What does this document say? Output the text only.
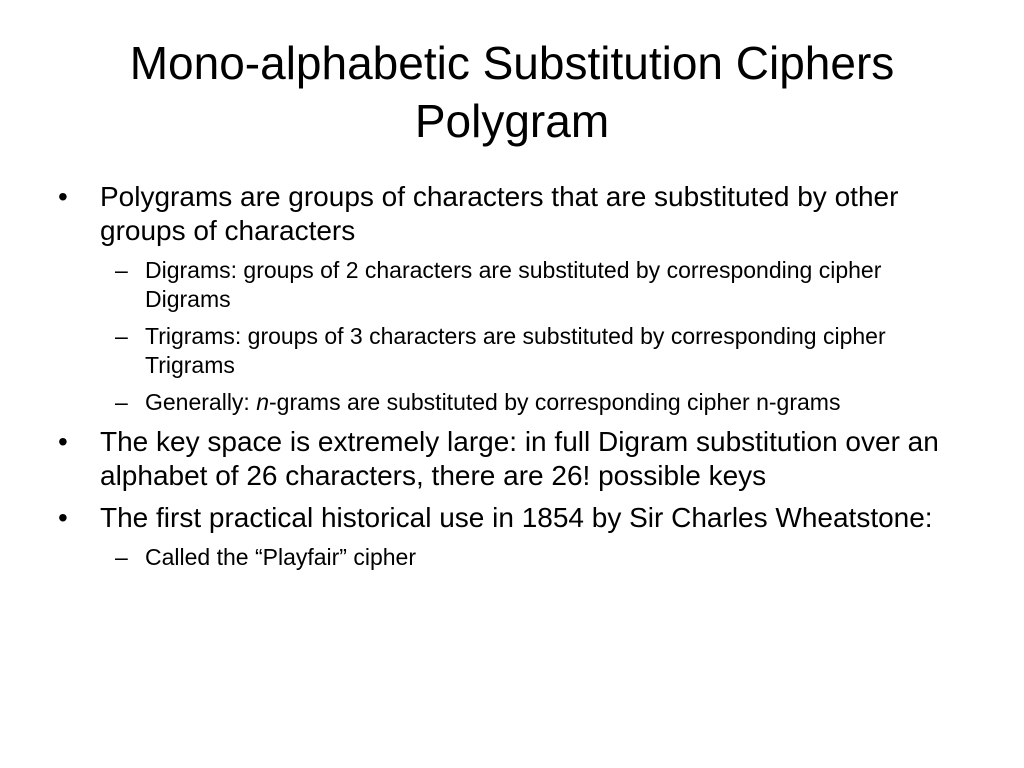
Mono-alphabetic Substitution Ciphers
Polygram
•	Polygrams are groups of characters that are substituted by other groups of characters
– Digrams: groups of 2 characters are substituted by corresponding cipher Digrams
– Trigrams: groups of 3 characters are substituted by corresponding cipher Trigrams
– Generally: n-grams are substituted by corresponding cipher n-grams
•	The key space is extremely large: in full Digram substitution over an alphabet of 26 characters, there are 26! possible keys
•	The first practical historical use in 1854 by Sir Charles Wheatstone:
– Called the “Playfair” cipher
